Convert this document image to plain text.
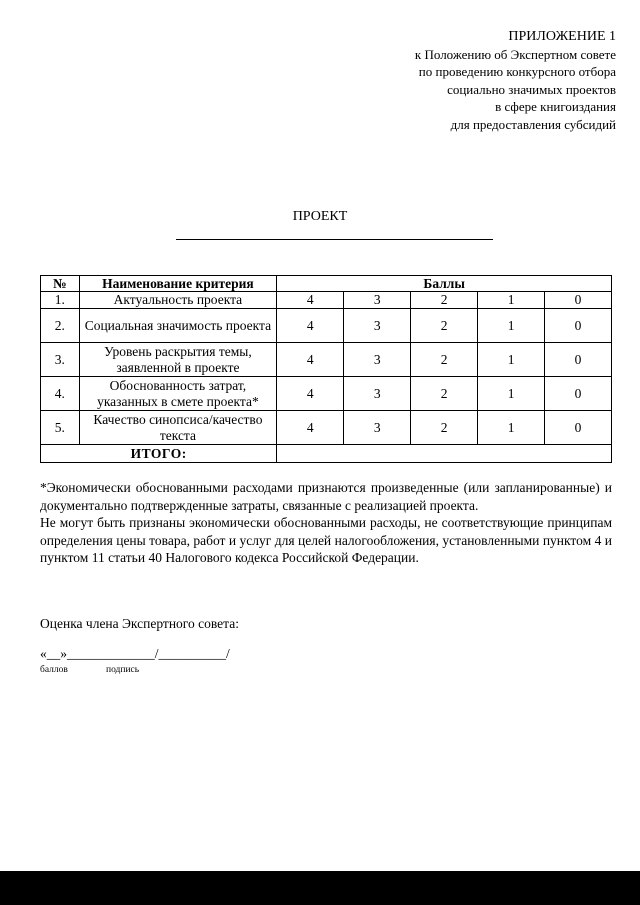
ПРИЛОЖЕНИЕ 1
к Положению об Экспертном совете
по проведению конкурсного отбора
социально значимых проектов
в сфере книгоиздания
для предоставления субсидий
ПРОЕКТ
№	Наименование критерия	Баллы				
1.	Актуальность проекта	4	3	2	1	0
2.	Социальная значимость проекта	4	3	2	1	0
3.	Уровень раскрытия темы, заявленной в проекте	4	3	2	1	0
4.	Обоснованность затрат, указанных в смете проекта*	4	3	2	1	0
5.	Качество синопсиса/качество текста	4	3	2	1	0
ИТОГО:						

*Экономически обоснованными расходами признаются произведенные (или запланированные) и документально подтвержденные затраты, связанные с реализацией проекта.

Не могут быть признаны экономически обоснованными расходы, не соответствующие принципам определения цены товара, работ и услуг для целей налогообложения, установленными пунктом 4 и пунктом 11 статьи 40 Налогового кодекса Российской Федерации.

Оценка члена Экспертного совета:
«__»_____________/__________/
баллов	подпись
